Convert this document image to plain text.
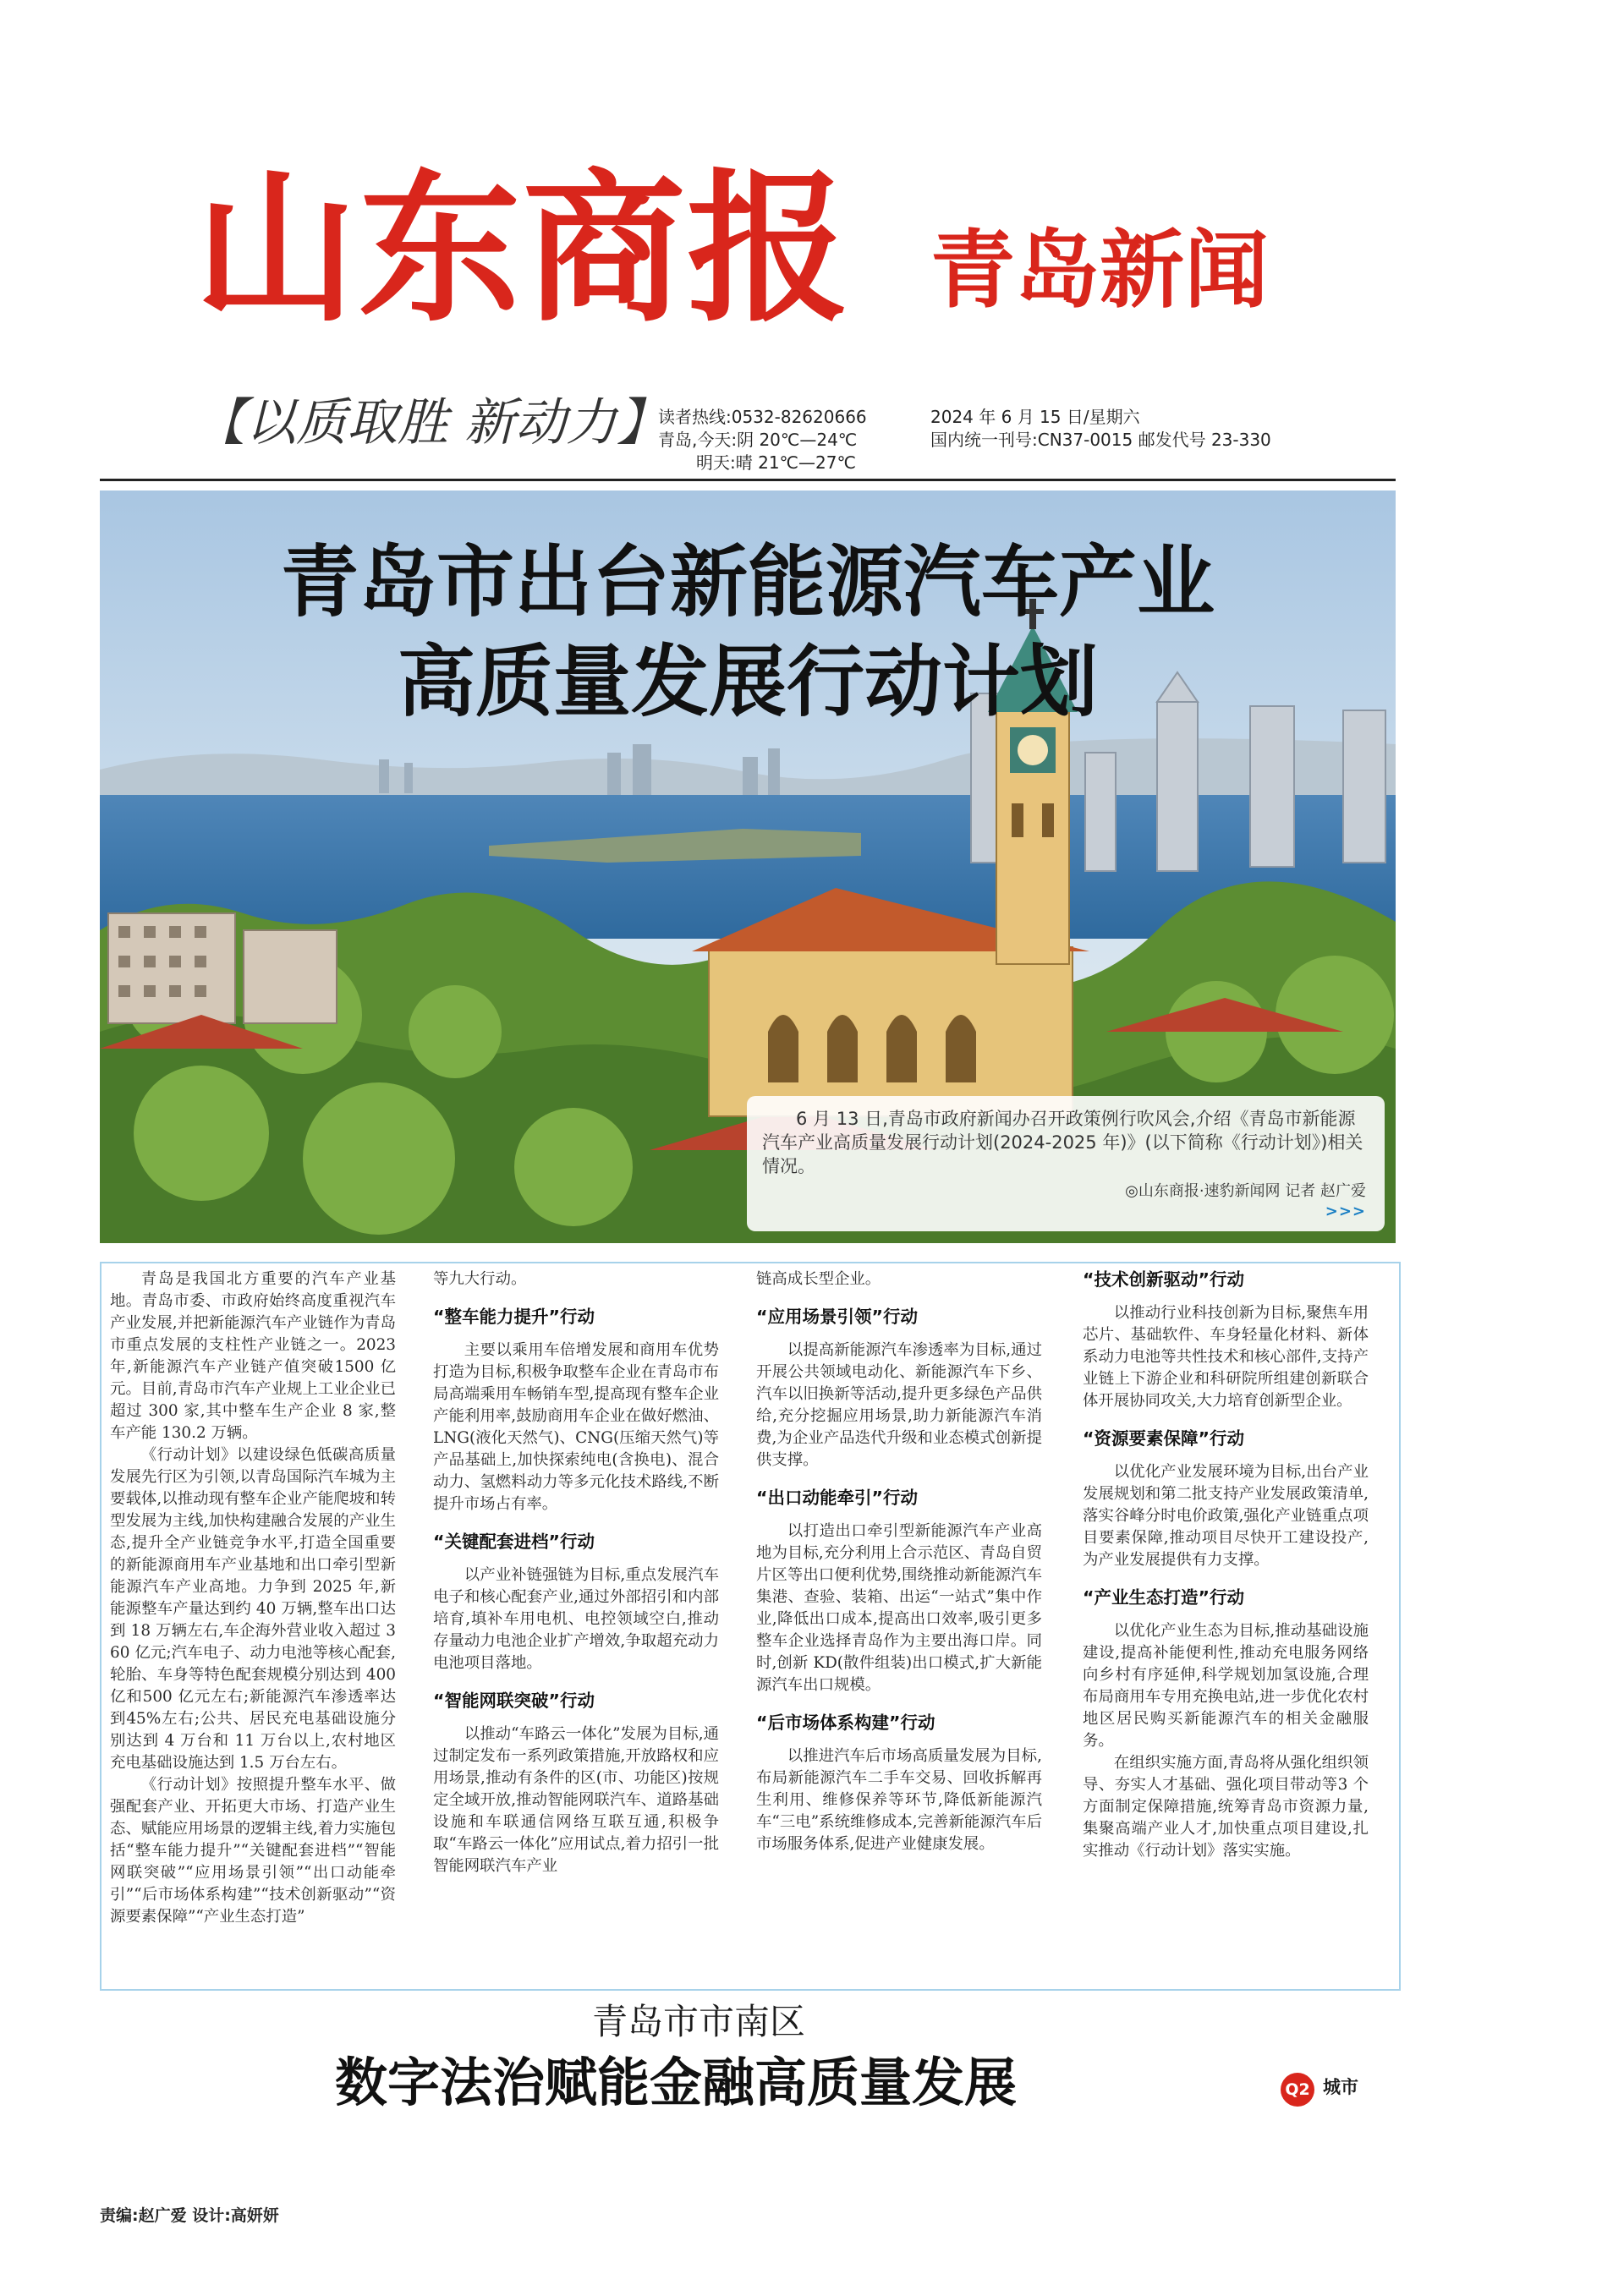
山东商报 青岛新闻
【以质取胜 新动力】
读者热线:0532-82620666
青岛,今天:阴 20℃—24℃
明天:晴 21℃—27℃
2024 年 6 月 15 日/星期六
国内统一刊号:CN37-0015 邮发代号 23-330
青岛市出台新能源汽车产业
高质量发展行动计划
6 月 13 日,青岛市政府新闻办召开政策例行吹风会,介绍《青岛市新能源汽车产业高质量发展行动计划(2024-2025 年)》(以下简称《行动计划》)相关情况。
◎山东商报·速豹新闻网 记者 赵广爱
>>>

青岛是我国北方重要的汽车产业基地。青岛市委、市政府始终高度重视汽车产业发展,并把新能源汽车产业链作为青岛市重点发展的支柱性产业链之一。2023 年,新能源汽车产业链产值突破1500 亿元。目前,青岛市汽车产业规上工业企业已超过 300 家,其中整车生产企业 8 家,整车产能 130.2 万辆。

《行动计划》以建设绿色低碳高质量发展先行区为引领,以青岛国际汽车城为主要载体,以推动现有整车企业产能爬坡和转型发展为主线,加快构建融合发展的产业生态,提升全产业链竞争水平,打造全国重要的新能源商用车产业基地和出口牵引型新能源汽车产业高地。力争到 2025 年,新能源整车产量达到约 40 万辆,整车出口达到 18 万辆左右,车企海外营业收入超过 360 亿元;汽车电子、动力电池等核心配套,轮胎、车身等特色配套规模分别达到 400 亿和500 亿元左右;新能源汽车渗透率达到45%左右;公共、居民充电基础设施分别达到 4 万台和 11 万台以上,农村地区充电基础设施达到 1.5 万台左右。

《行动计划》按照提升整车水平、做强配套产业、开拓更大市场、打造产业生态、赋能应用场景的逻辑主线,着力实施包括“整车能力提升”“关键配套进档”“智能网联突破”“应用场景引领”“出口动能牵引”“后市场体系构建”“技术创新驱动”“资源要素保障”“产业生态打造”

等九大行动。

“整车能力提升”行动

主要以乘用车倍增发展和商用车优势打造为目标,积极争取整车企业在青岛市布局高端乘用车畅销车型,提高现有整车企业产能利用率,鼓励商用车企业在做好燃油、LNG(液化天然气)、CNG(压缩天然气)等产品基础上,加快探索纯电(含换电)、混合动力、氢燃料动力等多元化技术路线,不断提升市场占有率。

“关键配套进档”行动

以产业补链强链为目标,重点发展汽车电子和核心配套产业,通过外部招引和内部培育,填补车用电机、电控领域空白,推动存量动力电池企业扩产增效,争取超充动力电池项目落地。

“智能网联突破”行动

以推动“车路云一体化”发展为目标,通过制定发布一系列政策措施,开放路权和应用场景,推动有条件的区(市、功能区)按规定全域开放,推动智能网联汽车、道路基础设施和车联通信网络互联互通,积极争取“车路云一体化”应用试点,着力招引一批智能网联汽车产业

链高成长型企业。

“应用场景引领”行动

以提高新能源汽车渗透率为目标,通过开展公共领域电动化、新能源汽车下乡、汽车以旧换新等活动,提升更多绿色产品供给,充分挖掘应用场景,助力新能源汽车消费,为企业产品迭代升级和业态模式创新提供支撑。

“出口动能牵引”行动

以打造出口牵引型新能源汽车产业高地为目标,充分利用上合示范区、青岛自贸片区等出口便利优势,围绕推动新能源汽车集港、查验、装箱、出运“一站式”集中作业,降低出口成本,提高出口效率,吸引更多整车企业选择青岛作为主要出海口岸。同时,创新 KD(散件组装)出口模式,扩大新能源汽车出口规模。

“后市场体系构建”行动

以推进汽车后市场高质量发展为目标,布局新能源汽车二手车交易、回收拆解再生利用、维修保养等环节,降低新能源汽车“三电”系统维修成本,完善新能源汽车后市场服务体系,促进产业健康发展。

“技术创新驱动”行动

以推动行业科技创新为目标,聚焦车用芯片、基础软件、车身轻量化材料、新体系动力电池等共性技术和核心部件,支持产业链上下游企业和科研院所组建创新联合体开展协同攻关,大力培育创新型企业。

“资源要素保障”行动

以优化产业发展环境为目标,出台产业发展规划和第二批支持产业发展政策清单,落实谷峰分时电价政策,强化产业链重点项目要素保障,推动项目尽快开工建设投产,为产业发展提供有力支撑。

“产业生态打造”行动

以优化产业生态为目标,推动基础设施建设,提高补能便利性,推动充电服务网络向乡村有序延伸,科学规划加氢设施,合理布局商用车专用充换电站,进一步优化农村地区居民购买新能源汽车的相关金融服务。

在组织实施方面,青岛将从强化组织领导、夯实人才基础、强化项目带动等3 个方面制定保障措施,统筹青岛市资源力量,集聚高端产业人才,加快重点项目建设,扎实推动《行动计划》落实实施。

青岛市市南区
数字法治赋能金融高质量发展	Q2 城市
责编:赵广爱 设计:高妍妍
